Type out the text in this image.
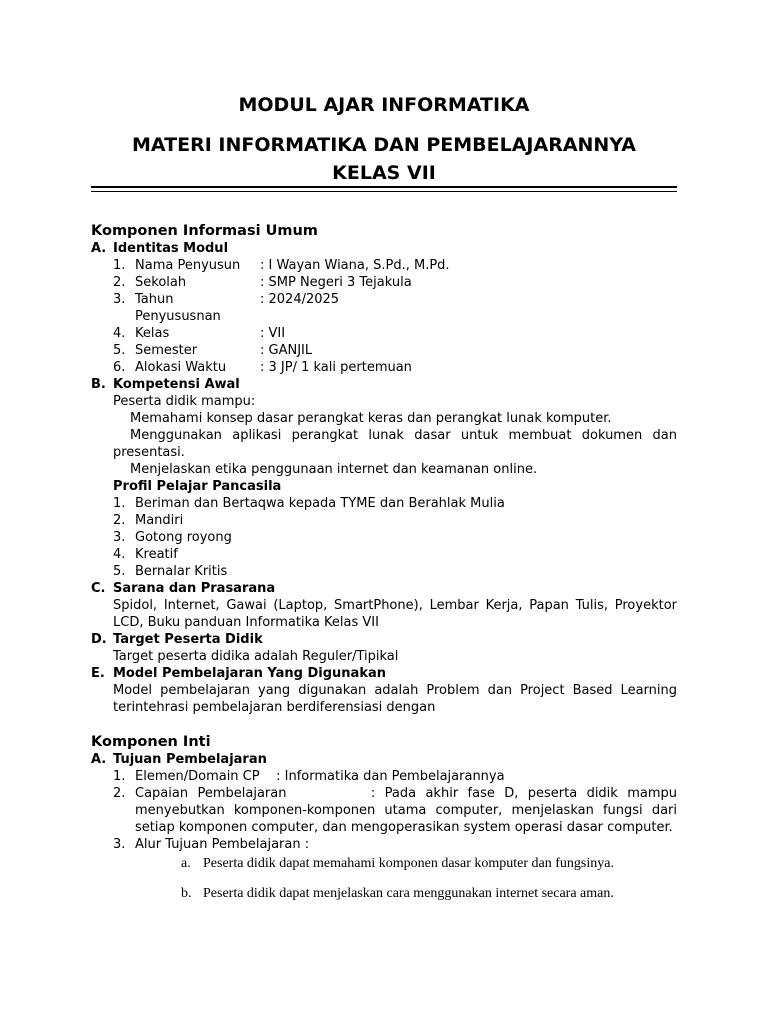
MODUL AJAR INFORMATIKA
MATERI INFORMATIKA DAN PEMBELAJARANNYA
KELAS VII
Komponen Informasi Umum
A. Identitas Modul
1. Nama Penyusun	: I Wayan Wiana, S.Pd., M.Pd.
2. Sekolah	: SMP Negeri 3 Tejakula
3. Tahun Penyususnan
: 2024/2025
4. Kelas	: VII
5. Semester	: GANJIL
6. Alokasi Waktu	: 3 JP/ 1 kali pertemuan
B. Kompetensi Awal
Peserta didik mampu:
Memahami konsep dasar perangkat keras dan perangkat lunak komputer.
Menggunakan aplikasi perangkat lunak dasar untuk membuat dokumen dan presentasi.
Menjelaskan etika penggunaan internet dan keamanan online.
Profil Pelajar Pancasila
1. Beriman dan Bertaqwa kepada TYME dan Berahlak Mulia
2. Mandiri
3. Gotong royong
4. Kreatif
5. Bernalar Kritis
C. Sarana dan Prasarana
Spidol, Internet, Gawai (Laptop, SmartPhone), Lembar Kerja, Papan Tulis, Proyektor LCD, Buku panduan Informatika Kelas VII
D. Target Peserta Didik
Target peserta didika adalah Reguler/Tipikal
E. Model Pembelajaran Yang Digunakan
Model pembelajaran yang digunakan adalah Problem dan Project Based Learning terintehrasi pembelajaran berdiferensiasi dengan
Komponen Inti
A. Tujuan Pembelajaran
1. Elemen/Domain CP    : Informatika dan Pembelajarannya
2. Capaian Pembelajaran         : Pada akhir fase D, peserta didik mampu menyebutkan komponen-komponen utama computer, menjelaskan fungsi dari setiap komponen computer, dan mengoperasikan system operasi dasar computer.
3. Alur Tujuan Pembelajaran :
a. Peserta didik dapat memahami komponen dasar komputer dan fungsinya.
b. Peserta didik dapat menjelaskan cara menggunakan internet secara aman.
